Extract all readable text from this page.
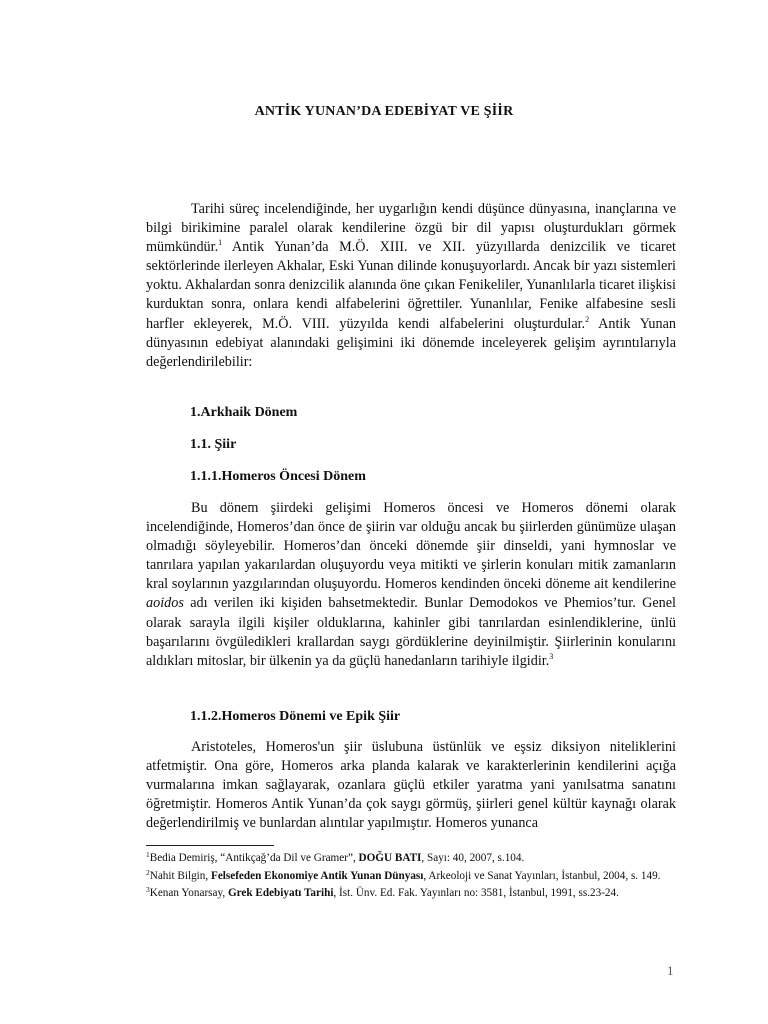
ANTİK YUNAN’DA EDEBİYAT VE ŞİİR
Tarihi süreç incelendiğinde, her uygarlığın kendi düşünce dünyasına, inançlarına ve bilgi birikimine paralel olarak kendilerine özgü bir dil yapısı oluşturdukları görmek mümkündür.$^1$ Antik Yunan’da M.Ö. XIII. ve XII. yüzyıllarda denizcilik ve ticaret sektörlerinde ilerleyen Akhalar, Eski Yunan dilinde konuşuyorlardı. Ancak bir yazı sistemleri yoktu. Akhalardan sonra denizcilik alanında öne çıkan Fenikeliler, Yunanlılarla ticaret ilişkisi kurduktan sonra, onlara kendi alfabelerini öğrettiler. Yunanlılar, Fenike alfabesine sesli harfler ekleyerek, M.Ö. VIII. yüzyılda kendi alfabelerini oluşturdular.$^2$ Antik Yunan dünyasının edebiyat alanındaki gelişimini iki dönemde inceleyerek gelişim ayrıntılarıyla değerlendirilebilir:
1.Arkhaik Dönem
1.1. Şiir
1.1.1.Homeros Öncesi Dönem
Bu dönem şiirdeki gelişimi Homeros öncesi ve Homeros dönemi olarak incelendiğinde, Homeros’dan önce de şiirin var olduğu ancak bu şiirlerden günümüze ulaşan olmadığı söyleyebilir. Homeros’dan önceki dönemde şiir dinseldi, yani hymnoslar ve tanrılara yapılan yakarılardan oluşuyordu veya mitikti ve şirlerin konuları mitik zamanların kral soylarının yazgılarından oluşuyordu. Homeros kendinden önceki döneme ait kendilerine aoidos adı verilen iki kişiden bahsetmektedir. Bunlar Demodokos ve Phemios’tur. Genel olarak sarayla ilgili kişiler olduklarına, kahinler gibi tanrılardan esinlendiklerine, ünlü başarılarını övgüledikleri krallardan saygı gördüklerine deyinilmiştir. Şiirlerinin konularını aldıkları mitoslar, bir ülkenin ya da güçlü hanedanların tarihiyle ilgidir.$^3$
1.1.2.Homeros Dönemi ve Epik Şiir
Aristoteles, Homeros'un şiir üslubuna üstünlük ve eşsiz diksiyon niteliklerini atfetmiştir. Ona göre, Homeros arka planda kalarak ve karakterlerinin kendilerini açığa vurmalarına imkan sağlayarak, ozanlara güçlü etkiler yaratma yani yanılsatma sanatını öğretmiştir. Homeros Antik Yunan’da çok saygı görmüş, şiirleri genel kültür kaynağı olarak değerlendirilmiş ve bunlardan alıntılar yapılmıştır. Homeros yunanca

$^1$Bedia Demiriş, “Antikçağ’da Dil ve Gramer”, DOĞU BATI, Sayı: 40, 2007, s.104.

$^2$Nahit Bilgin, Felsefeden Ekonomiye Antik Yunan Dünyası, Arkeoloji ve Sanat Yayınları, İstanbul, 2004, s. 149.

$^3$Kenan Yonarsay, Grek Edebiyatı Tarihi, İst. Ünv. Ed. Fak. Yayınları no: 3581, İstanbul, 1991, ss.23-24.

1
